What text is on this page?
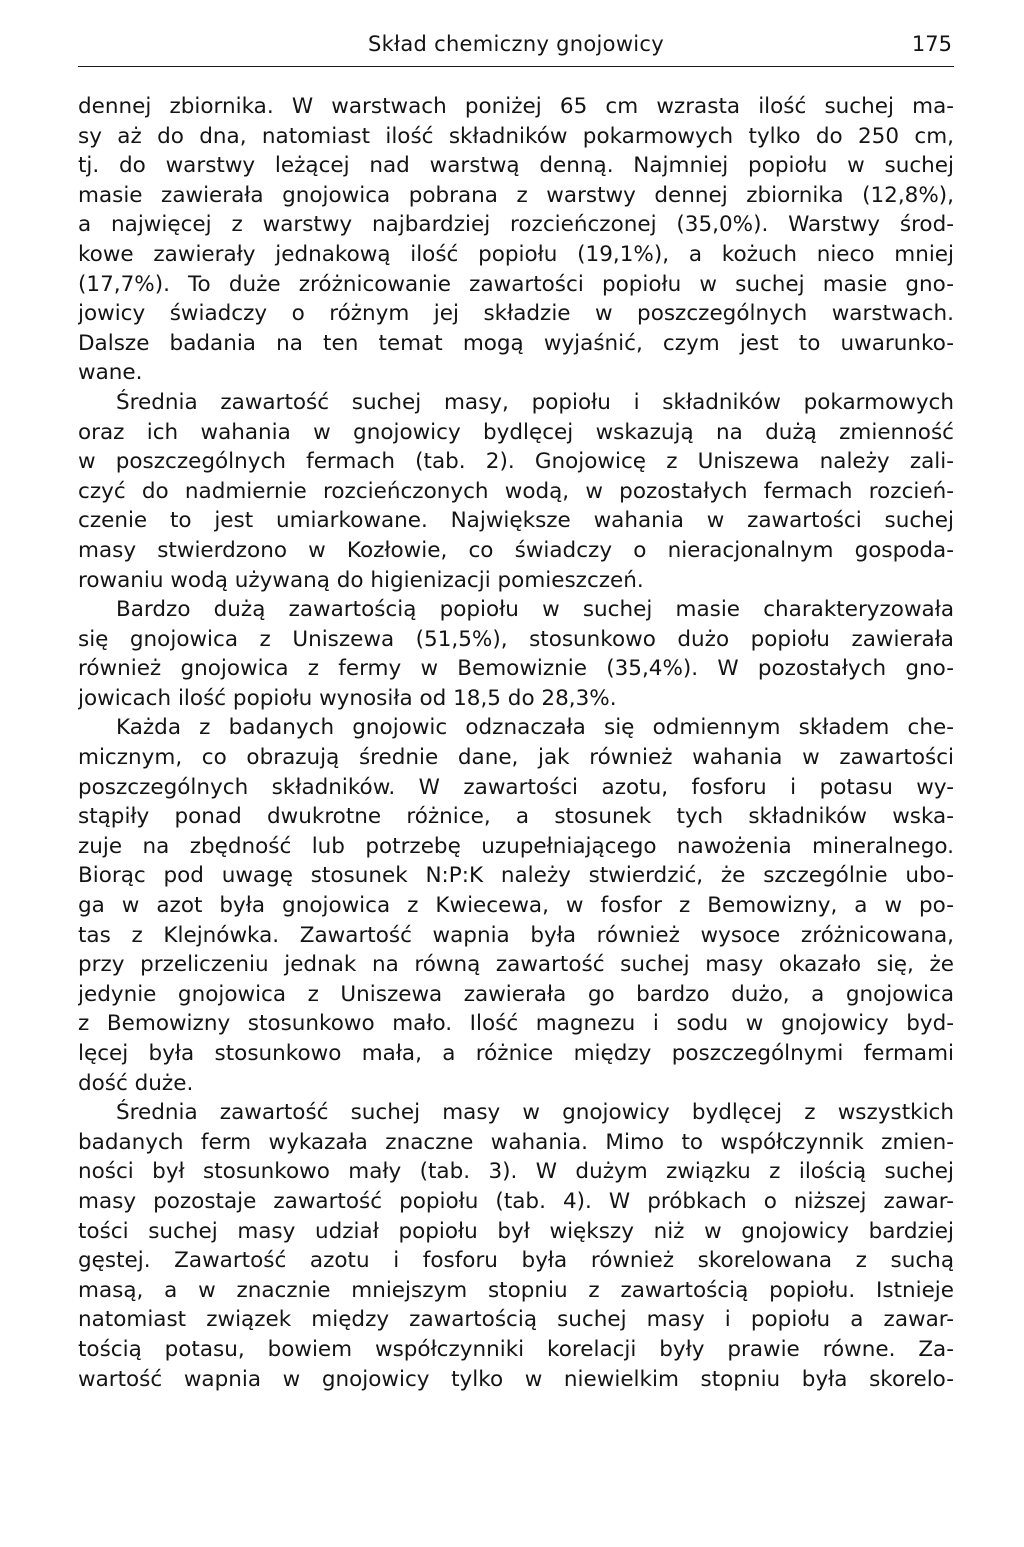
Skład chemiczny gnojowicy	175
dennej zbiornika. W warstwach poniżej 65 cm wzrasta ilość suchej ma-
sy aż do dna, natomiast ilość składników pokarmowych tylko do 250 cm,
tj. do warstwy leżącej nad warstwą denną. Najmniej popiołu w suchej
masie zawierała gnojowica pobrana z warstwy dennej zbiornika (12,8%),
a najwięcej z warstwy najbardziej rozcieńczonej (35,0%). Warstwy środ-
kowe zawierały jednakową ilość popiołu (19,1%), a kożuch nieco mniej
(17,7%). To duże zróżnicowanie zawartości popiołu w suchej masie gno-
jowicy świadczy o różnym jej składzie w poszczególnych warstwach.
Dalsze badania na ten temat mogą wyjaśnić, czym jest to uwarunko-
wane.
Średnia zawartość suchej masy, popiołu i składników pokarmowych
oraz ich wahania w gnojowicy bydlęcej wskazują na dużą zmienność
w poszczególnych fermach (tab. 2). Gnojowicę z Uniszewa należy zali-
czyć do nadmiernie rozcieńczonych wodą, w pozostałych fermach rozcień-
czenie to jest umiarkowane. Największe wahania w zawartości suchej
masy stwierdzono w Kozłowie, co świadczy o nieracjonalnym gospoda-
rowaniu wodą używaną do higienizacji pomieszczeń.
Bardzo dużą zawartością popiołu w suchej masie charakteryzowała
się gnojowica z Uniszewa (51,5%), stosunkowo dużo popiołu zawierała
również gnojowica z fermy w Bemowiznie (35,4%). W pozostałych gno-
jowicach ilość popiołu wynosiła od 18,5 do 28,3%.
Każda z badanych gnojowic odznaczała się odmiennym składem che-
micznym, co obrazują średnie dane, jak również wahania w zawartości
poszczególnych składników. W zawartości azotu, fosforu i potasu wy-
stąpiły ponad dwukrotne różnice, a stosunek tych składników wska-
zuje na zbędność lub potrzebę uzupełniającego nawożenia mineralnego.
Biorąc pod uwagę stosunek N:P:K należy stwierdzić, że szczególnie ubo-
ga w azot była gnojowica z Kwiecewa, w fosfor z Bemowizny, a w po-
tas z Klejnówka. Zawartość wapnia była również wysoce zróżnicowana,
przy przeliczeniu jednak na równą zawartość suchej masy okazało się, że
jedynie gnojowica z Uniszewa zawierała go bardzo dużo, a gnojowica
z Bemowizny stosunkowo mało. Ilość magnezu i sodu w gnojowicy byd-
lęcej była stosunkowo mała, a różnice między poszczególnymi fermami
dość duże.
Średnia zawartość suchej masy w gnojowicy bydlęcej z wszystkich
badanych ferm wykazała znaczne wahania. Mimo to współczynnik zmien-
ności był stosunkowo mały (tab. 3). W dużym związku z ilością suchej
masy pozostaje zawartość popiołu (tab. 4). W próbkach o niższej zawar-
tości suchej masy udział popiołu był większy niż w gnojowicy bardziej
gęstej. Zawartość azotu i fosforu była również skorelowana z suchą
masą, a w znacznie mniejszym stopniu z zawartością popiołu. Istnieje
natomiast związek między zawartością suchej masy i popiołu a zawar-
tością potasu, bowiem współczynniki korelacji były prawie równe. Za-
wartość wapnia w gnojowicy tylko w niewielkim stopniu była skorelo-
